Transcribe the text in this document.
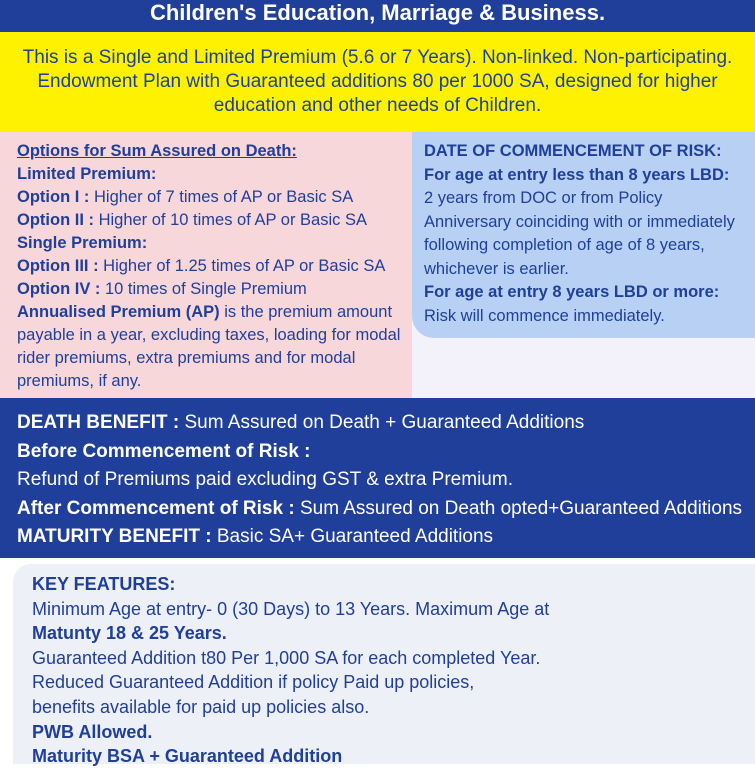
Children's Education, Marriage & Business.
This is a Single and Limited Premium (5.6 or 7 Years). Non-linked. Non-participating. Endowment Plan with Guaranteed additions 80 per 1000 SA, designed for higher education and other needs of Children.
Options for Sum Assured on Death:
Limited Premium:
Option I : Higher of 7 times of AP or Basic SA
Option II : Higher of 10 times of AP or Basic SA
Single Premium:
Option III : Higher of 1.25 times of AP or Basic SA
Option IV : 10 times of Single Premium
Annualised Premium (AP) is the premium amount payable in a year, excluding taxes, loading for modal rider premiums, extra premiums and for modal premiums, if any.
DATE OF COMMENCEMENT OF RISK:
For age at entry less than 8 years LBD:
2 years from DOC or from Policy Anniversary coinciding with or immediately following completion of age of 8 years, whichever is earlier.
For age at entry 8 years LBD or more:
Risk will commence immediately.
DEATH BENEFIT : Sum Assured on Death + Guaranteed Additions
Before Commencement of Risk :
Refund of Premiums paid excluding GST & extra Premium.
After Commencement of Risk : Sum Assured on Death opted+Guaranteed Additions
MATURITY BENEFIT : Basic SA+ Guaranteed Additions
KEY FEATURES:
Minimum Age at entry- 0 (30 Days) to 13 Years. Maximum Age at
Matunty 18 & 25 Years.
Guaranteed Addition t80 Per 1,000 SA for each completed Year.
Reduced Guaranteed Addition if policy Paid up policies,
benefits available for paid up policies also.
PWB Allowed.
Maturity BSA + Guaranteed Addition
